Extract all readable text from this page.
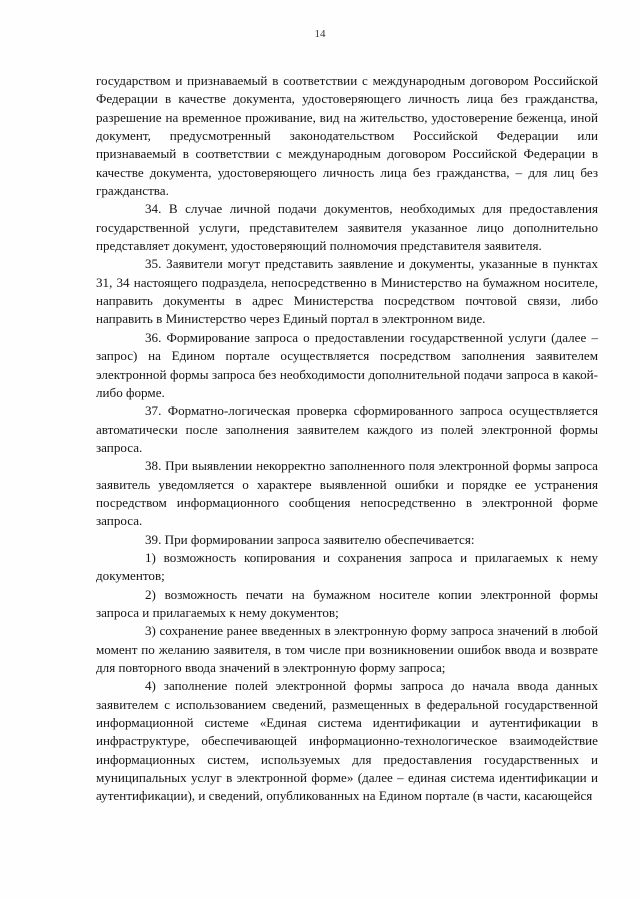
14

государством и признаваемый в соответствии с международным договором Российской Федерации в качестве документа, удостоверяющего личность лица без гражданства, разрешение на временное проживание, вид на жительство, удостоверение беженца, иной документ, предусмотренный законодательством Российской Федерации или признаваемый в соответствии с международным договором Российской Федерации в качестве документа, удостоверяющего личность лица без гражданства, – для лиц без гражданства.

34. В случае личной подачи документов, необходимых для предоставления государственной услуги, представителем заявителя указанное лицо дополнительно представляет документ, удостоверяющий полномочия представителя заявителя.

35. Заявители могут представить заявление и документы, указанные в пунктах 31, 34 настоящего подраздела, непосредственно в Министерство на бумажном носителе, направить документы в адрес Министерства посредством почтовой связи, либо направить в Министерство через Единый портал в электронном виде.

36. Формирование запроса о предоставлении государственной услуги (далее – запрос) на Едином портале осуществляется посредством заполнения заявителем электронной формы запроса без необходимости дополнительной подачи запроса в какой-либо форме.

37. Форматно-логическая проверка сформированного запроса осуществляется автоматически после заполнения заявителем каждого из полей электронной формы запроса.

38. При выявлении некорректно заполненного поля электронной формы запроса заявитель уведомляется о характере выявленной ошибки и порядке ее устранения посредством информационного сообщения непосредственно в электронной форме запроса.

39. При формировании запроса заявителю обеспечивается:

1) возможность копирования и сохранения запроса и прилагаемых к нему документов;

2) возможность печати на бумажном носителе копии электронной формы запроса и прилагаемых к нему документов;

3) сохранение ранее введенных в электронную форму запроса значений в любой момент по желанию заявителя, в том числе при возникновении ошибок ввода и возврате для повторного ввода значений в электронную форму запроса;

4) заполнение полей электронной формы запроса до начала ввода данных заявителем с использованием сведений, размещенных в федеральной государственной информационной системе «Единая система идентификации и аутентификации в инфраструктуре, обеспечивающей информационно-технологическое взаимодействие информационных систем, используемых для предоставления государственных и муниципальных услуг в электронной форме» (далее – единая система идентификации и аутентификации), и сведений, опубликованных на Едином портале (в части, касающейся
